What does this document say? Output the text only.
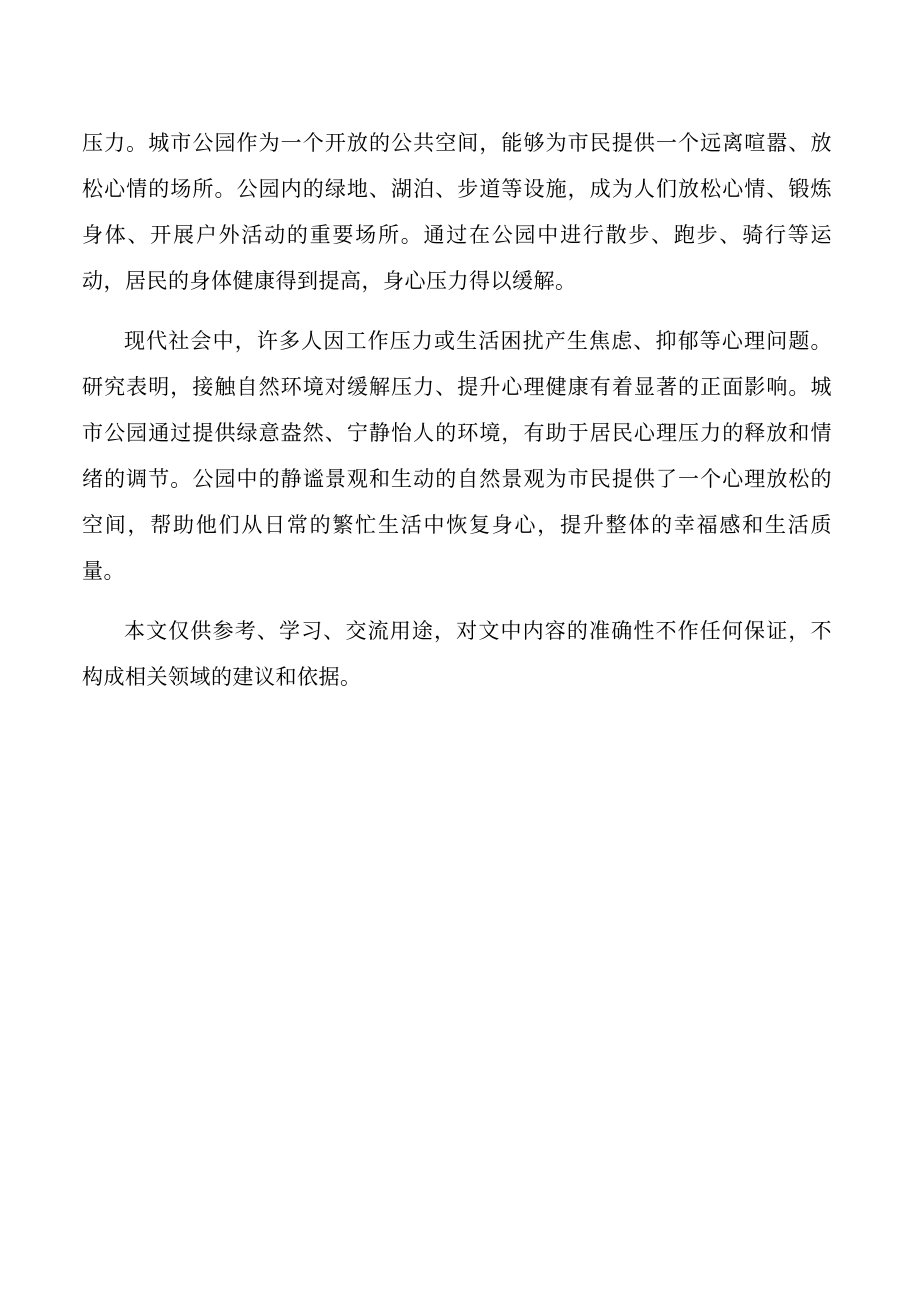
压力。城市公园作为一个开放的公共空间，能够为市民提供一个远离喧嚣、放松心情的场所。公园内的绿地、湖泊、步道等设施，成为人们放松心情、锻炼身体、开展户外活动的重要场所。通过在公园中进行散步、跑步、骑行等运动，居民的身体健康得到提高，身心压力得以缓解。

现代社会中，许多人因工作压力或生活困扰产生焦虑、抑郁等心理问题。研究表明，接触自然环境对缓解压力、提升心理健康有着显著的正面影响。城市公园通过提供绿意盎然、宁静怡人的环境，有助于居民心理压力的释放和情绪的调节。公园中的静谧景观和生动的自然景观为市民提供了一个心理放松的空间，帮助他们从日常的繁忙生活中恢复身心，提升整体的幸福感和生活质量。

本文仅供参考、学习、交流用途，对文中内容的准确性不作任何保证，不构成相关领域的建议和依据。
